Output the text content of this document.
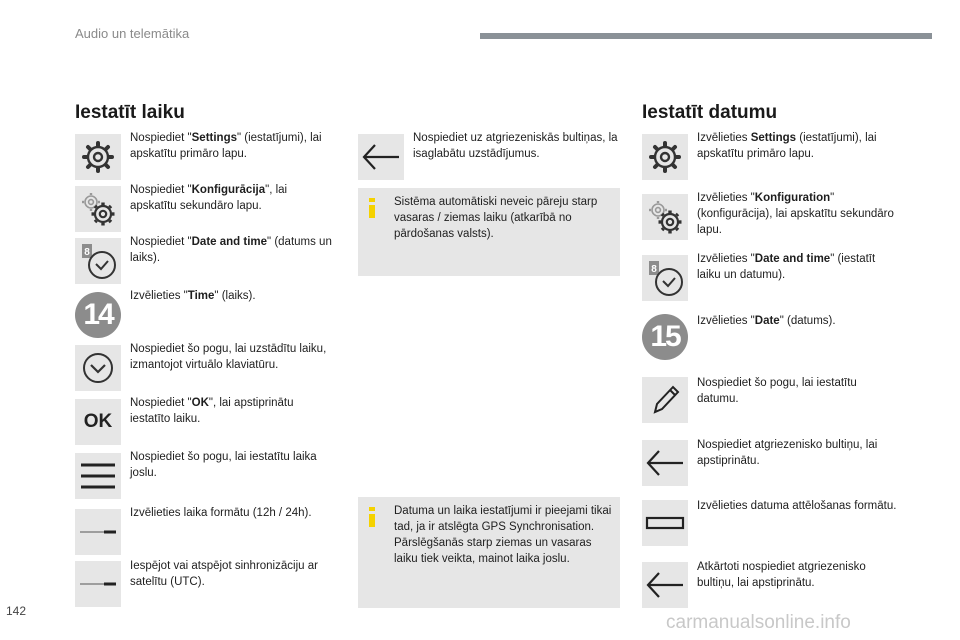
Audio un telemātika
Iestatīt laiku
Nospiediet "Settings" (iestatījumi), lai apskatītu primāro lapu.
Nospiediet "Konfigurācija", lai apskatītu sekundāro lapu.
8
Nospiediet "Date and time" (datums un laiks).
14
Izvēlieties "Time" (laiks).
Nospiediet šo pogu, lai uzstādītu laiku, izmantojot virtuālo klaviatūru.
OK
Nospiediet "OK", lai apstiprinātu iestatīto laiku.
Nospiediet šo pogu, lai iestatītu laika joslu.
Izvēlieties laika formātu (12h / 24h).
Iespējot vai atspējot sinhronizāciju ar satelītu (UTC).
Nospiediet uz atgriezeniskās bultiņas, la isaglabātu uzstādījumus.
Sistēma automātiski neveic pāreju starp vasaras / ziemas laiku (atkarībā no pārdošanas valsts).
Datuma un laika iestatījumi ir pieejami tikai tad, ja ir atslēgta GPS Synchronisation.
Pārslēgšanās starp ziemas un vasaras laiku tiek veikta, mainot laika joslu.
Iestatīt datumu
Izvēlieties Settings (iestatījumi), lai apskatītu primāro lapu.
Izvēlieties "Konfiguration" (konfigurācija), lai apskatītu sekundāro lapu.
8
Izvēlieties "Date and time" (iestatīt laiku un datumu).
15	Izvēlieties "Date" (datums).
Nospiediet šo pogu, lai iestatītu datumu.
Nospiediet atgriezenisko bultiņu, lai apstiprinātu.
Izvēlieties datuma attēlošanas formātu.
Atkārtoti nospiediet atgriezenisko bultiņu, lai apstiprinātu.
142
carmanualsonline.info
